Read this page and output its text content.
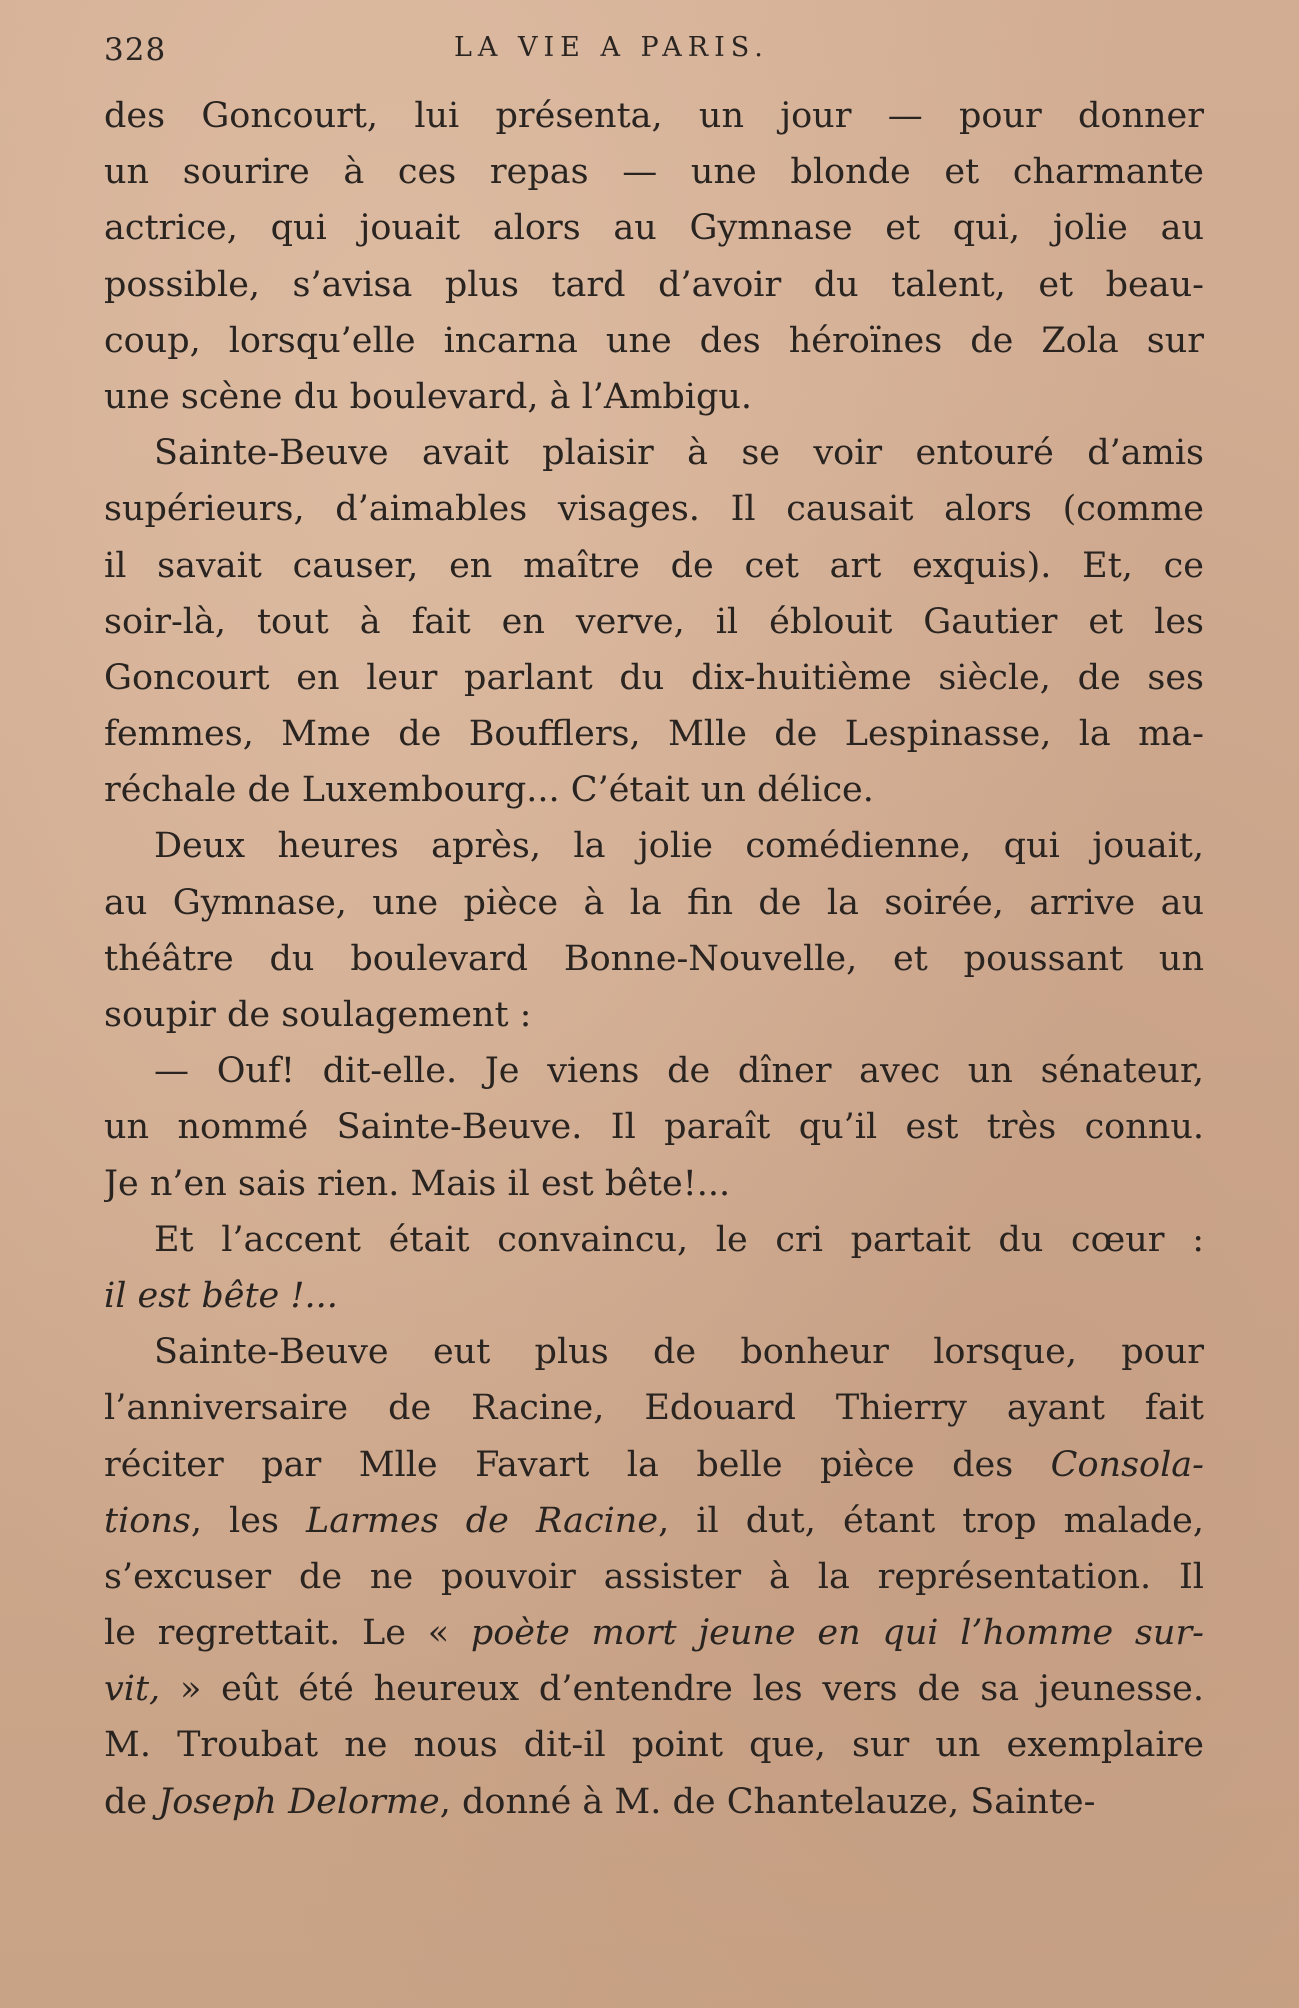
328	LA VIE A PARIS.
des Goncourt, lui présenta, un jour — pour donner
un sourire à ces repas — une blonde et charmante
actrice, qui jouait alors au Gymnase et qui, jolie au
possible, s’avisa plus tard d’avoir du talent, et beau-
coup, lorsqu’elle incarna une des héroïnes de Zola sur
une scène du boulevard, à l’Ambigu.
Sainte-Beuve avait plaisir à se voir entouré d’amis
supérieurs, d’aimables visages. Il causait alors (comme
il savait causer, en maître de cet art exquis). Et, ce
soir-là, tout à fait en verve, il éblouit Gautier et les
Goncourt en leur parlant du dix-huitième siècle, de ses
femmes, Mme de Boufflers, Mlle de Lespinasse, la ma-
réchale de Luxembourg... C’était un délice.
Deux heures après, la jolie comédienne, qui jouait,
au Gymnase, une pièce à la fin de la soirée, arrive au
théâtre du boulevard Bonne-Nouvelle, et poussant un
soupir de soulagement :
— Ouf! dit-elle. Je viens de dîner avec un sénateur,
un nommé Sainte-Beuve. Il paraît qu’il est très connu.
Je n’en sais rien. Mais il est bête!...
Et l’accent était convaincu, le cri partait du cœur :
il est bête !...
Sainte-Beuve eut plus de bonheur lorsque, pour
l’anniversaire de Racine, Edouard Thierry ayant fait
réciter par Mlle Favart la belle pièce des Consola-
tions, les Larmes de Racine, il dut, étant trop malade,
s’excuser de ne pouvoir assister à la représentation. Il
le regrettait. Le « poète mort jeune en qui l’homme sur-
vit, » eût été heureux d’entendre les vers de sa jeunesse.
M. Troubat ne nous dit-il point que, sur un exemplaire
de Joseph Delorme, donné à M. de Chantelauze, Sainte-
